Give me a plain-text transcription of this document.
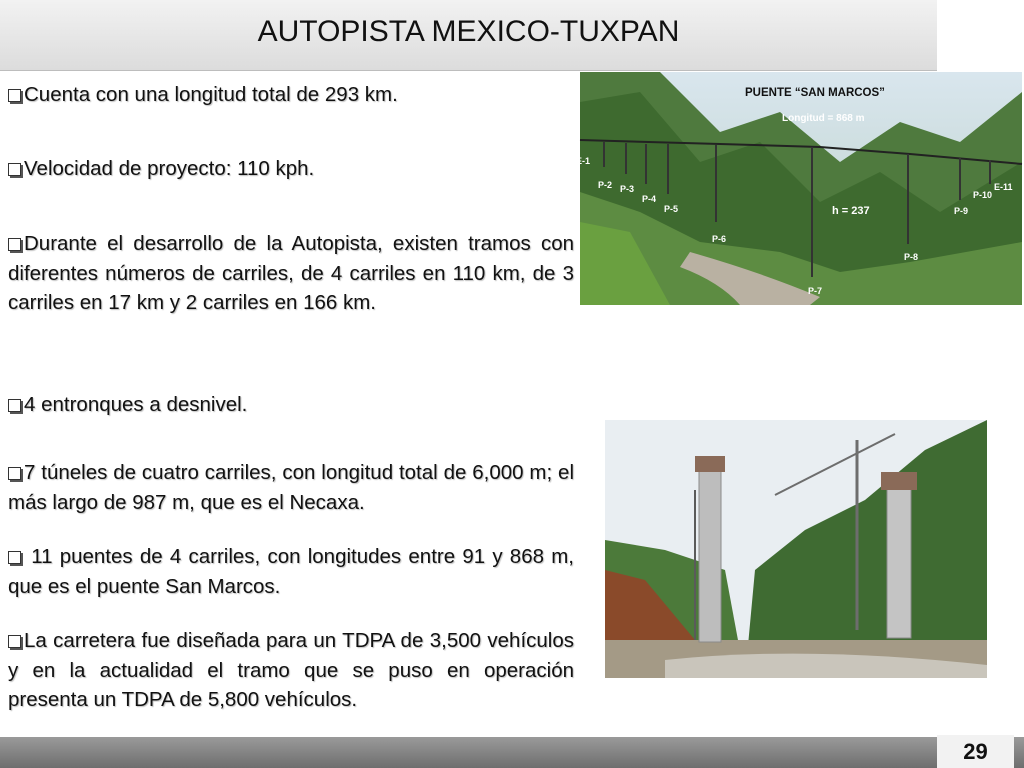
AUTOPISTA MEXICO-TUXPAN
Cuenta con una longitud total de 293 km.
Velocidad de proyecto: 110 kph.
Durante el desarrollo de la Autopista, existen tramos con diferentes números de carriles, de 4 carriles en 110 km, de 3 carriles en 17 km y 2 carriles en 166 km.
4 entronques a desnivel.
7 túneles de cuatro carriles, con longitud total de 6,000 m; el más largo de 987 m, que es el Necaxa.
11 puentes de 4 carriles, con longitudes entre 91 y 868 m, que es el puente San Marcos.
La carretera fue diseñada para un TDPA de 3,500 vehículos y en la actualidad el tramo que se puso en operación presenta un TDPA de 5,800 vehículos.
PUENTE “SAN MARCOS”
Longitud = 868 m
h = 237
E-1
P-2 P-3
P-4
P-5
P-6
P-7
P-8
P-9
P-10
E-11
29
